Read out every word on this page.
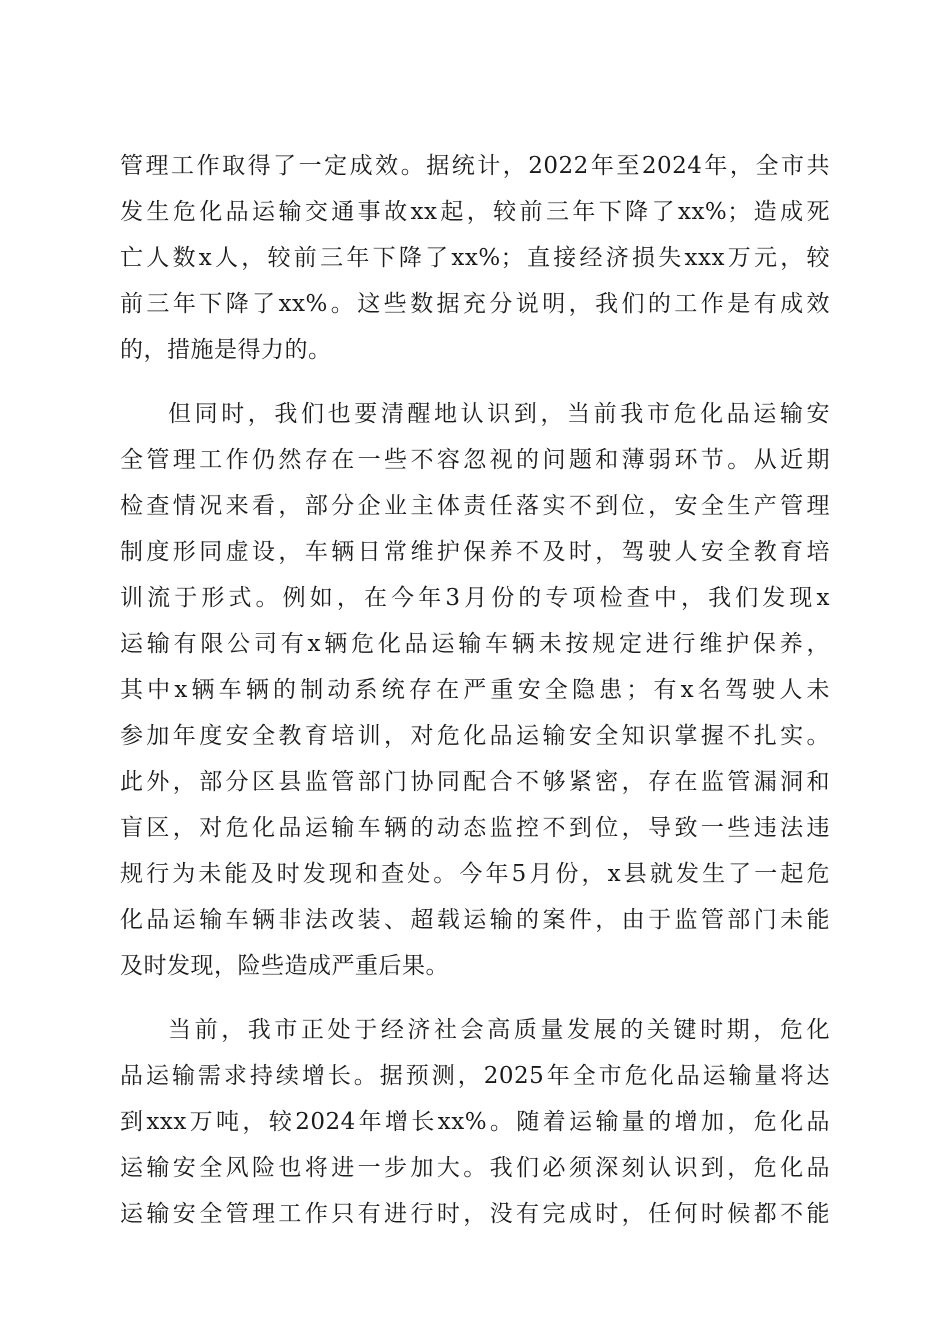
管理工作取得了一定成效。据统计，2022年至2024年，全市共
发生危化品运输交通事故xx起，较前三年下降了xx%；造成死
亡人数x人，较前三年下降了xx%；直接经济损失xxx万元，较
前三年下降了xx%。这些数据充分说明，我们的工作是有成效
的，措施是得力的。
但同时，我们也要清醒地认识到，当前我市危化品运输安
全管理工作仍然存在一些不容忽视的问题和薄弱环节。从近期
检查情况来看，部分企业主体责任落实不到位，安全生产管理
制度形同虚设，车辆日常维护保养不及时，驾驶人安全教育培
训流于形式。例如，在今年3月份的专项检查中，我们发现x
运输有限公司有x辆危化品运输车辆未按规定进行维护保养，
其中x辆车辆的制动系统存在严重安全隐患；有x名驾驶人未
参加年度安全教育培训，对危化品运输安全知识掌握不扎实。
此外，部分区县监管部门协同配合不够紧密，存在监管漏洞和
盲区，对危化品运输车辆的动态监控不到位，导致一些违法违
规行为未能及时发现和查处。今年5月份，x县就发生了一起危
化品运输车辆非法改装、超载运输的案件，由于监管部门未能
及时发现，险些造成严重后果。
当前，我市正处于经济社会高质量发展的关键时期，危化
品运输需求持续增长。据预测，2025年全市危化品运输量将达
到xxx万吨，较2024年增长xx%。随着运输量的增加，危化品
运输安全风险也将进一步加大。我们必须深刻认识到，危化品
运输安全管理工作只有进行时，没有完成时，任何时候都不能
